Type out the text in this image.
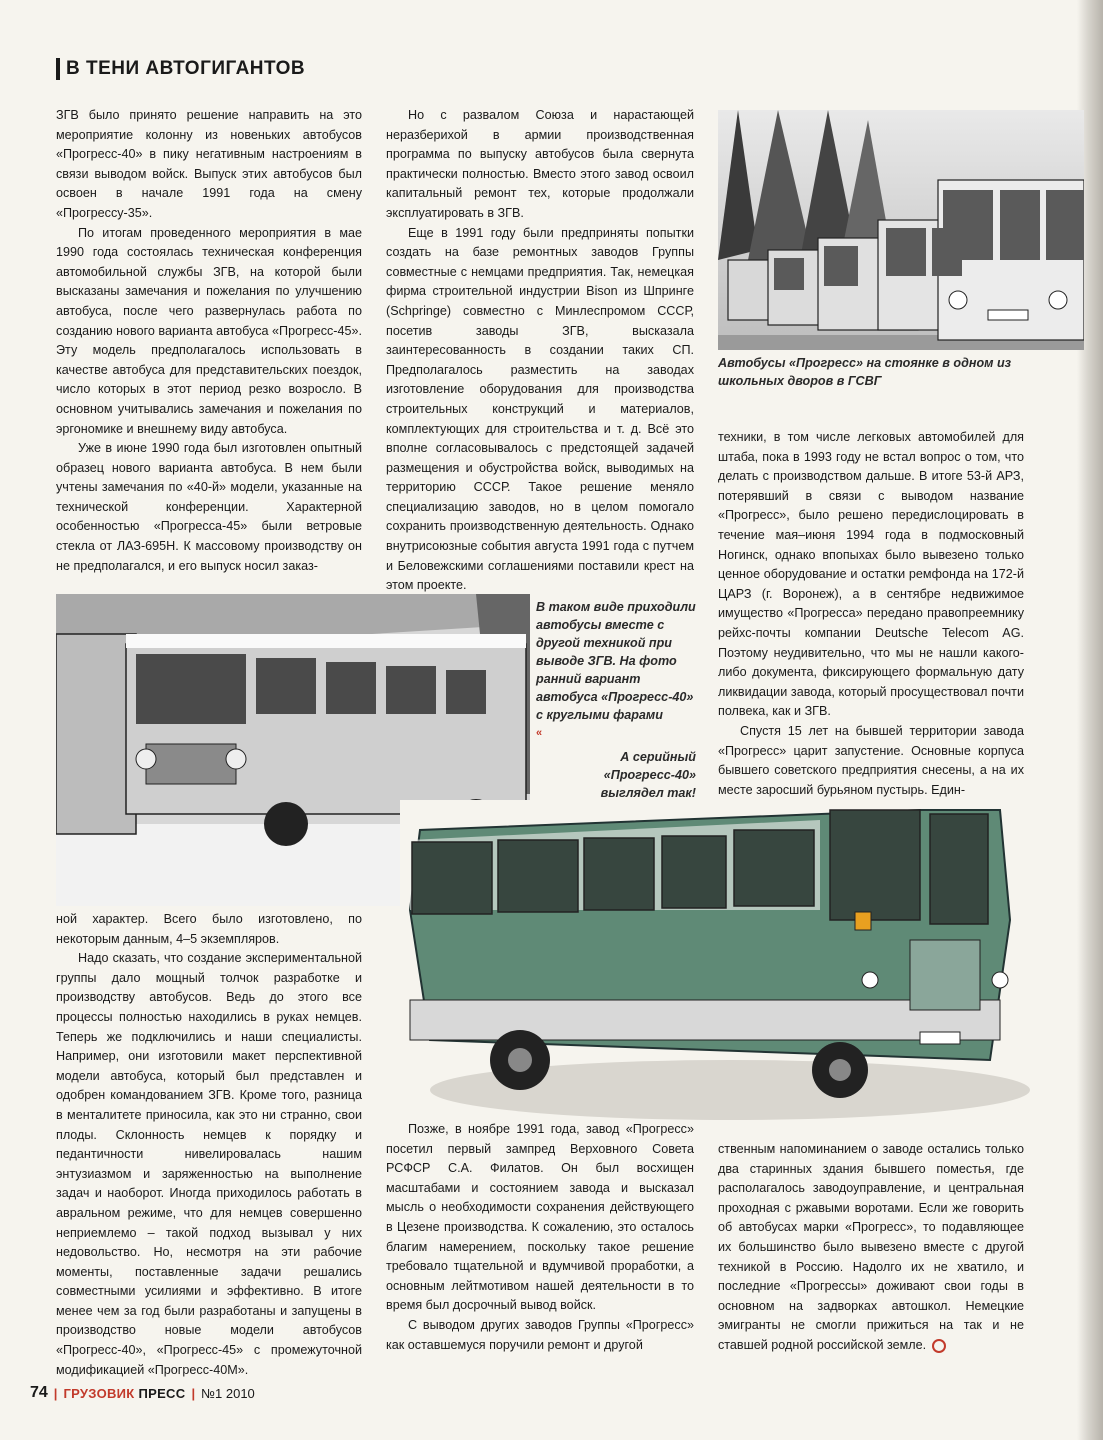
В ТЕНИ АВТОГИГАНТОВ

ЗГВ было принято решение направить на это мероприятие колонну из новеньких автобусов «Прогресс-40» в пику негативным настроениям в связи выводом войск. Выпуск этих автобусов был освоен в начале 1991 года на смену «Прогрессу-35».

По итогам проведенного мероприятия в мае 1990 года состоялась техническая конференция автомобильной службы ЗГВ, на которой были высказаны замечания и пожелания по улучшению автобуса, после чего развернулась работа по созданию нового варианта автобуса «Прогресс-45». Эту модель предполагалось использовать в качестве автобуса для представительских поездок, число которых в этот период резко возросло. В основном учитывались замечания и пожелания по эргономике и внешнему виду автобуса.

Уже в июне 1990 года был изготовлен опытный образец нового варианта автобуса. В нем были учтены замечания по «40-й» модели, указанные на технической конференции. Характерной особенностью «Прогресса-45» были ветровые стекла от ЛАЗ-695Н. К массовому производству он не предполагался, и его выпуск носил заказ-

Но с развалом Союза и нарастающей неразберихой в армии производственная программа по выпуску автобусов была свернута практически полностью. Вместо этого завод освоил капитальный ремонт тех, которые продолжали эксплуатировать в ЗГВ.

Еще в 1991 году были предприняты попытки создать на базе ремонтных заводов Группы совместные с немцами предприятия. Так, немецкая фирма строительной индустрии Bison из Шпринге (Schpringe) совместно с Минлеспромом СССР, посетив заводы ЗГВ, высказала заинтересованность в создании таких СП. Предполагалось разместить на заводах изготовление оборудования для производства строительных конструкций и материалов, комплектующих для строительства и т. д. Всё это вполне согласовывалось с предстоящей задачей размещения и обустройства войск, выводимых на территорию СССР. Такое решение меняло специализацию заводов, но в целом помогало сохранить производственную деятельность. Однако внутрисоюзные события августа 1991 года с путчем и Беловежскими соглашениями поставили крест на этом проекте.

Автобусы «Прогресс» на стоянке в одном из школьных дворов в ГСВГ

техники, в том числе легковых автомобилей для штаба, пока в 1993 году не встал вопрос о том, что делать с производством дальше. В итоге 53-й АРЗ, потерявший в связи с выводом название «Прогресс», было решено передислоцировать в течение мая–июня 1994 года в подмосковный Ногинск, однако впопыхах было вывезено только ценное оборудование и остатки ремфонда на 172-й ЦАРЗ (г. Воронеж), а в сентябре недвижимое имущество «Прогресса» передано правопреемнику рейхс-почты компании Deutsche Telecom AG. Поэтому неудивительно, что мы не нашли какого-либо документа, фиксирующего формальную дату ликвидации завода, который просуществовал почти полвека, как и ЗГВ.

Спустя 15 лет на бывшей территории завода «Прогресс» царит запустение. Основные корпуса бывшего советского предприятия снесены, а на их месте заросший бурьяном пустырь. Един-

В таком виде приходили автобусы вместе с другой техникой при выводе ЗГВ. На фото ранний вариант автобуса «Прогресс-40» с круглыми фарами
«
А серийный «Прогресс-40» выглядел так!

ной характер. Всего было изготовлено, по некоторым данным, 4–5 экземпляров.

Надо сказать, что создание экспериментальной группы дало мощный толчок разработке и производству автобусов. Ведь до этого все процессы полностью находились в руках немцев. Теперь же подключились и наши специалисты. Например, они изготовили макет перспективной модели автобуса, который был представлен и одобрен командованием ЗГВ. Кроме того, разница в менталитете приносила, как это ни странно, свои плоды. Склонность немцев к порядку и педантичности нивелировалась нашим энтузиазмом и заряженностью на выполнение задач и наоборот. Иногда приходилось работать в авральном режиме, что для немцев совершенно неприемлемо – такой подход вызывал у них недовольство. Но, несмотря на эти рабочие моменты, поставленные задачи решались совместными усилиями и эффективно. В итоге менее чем за год были разработаны и запущены в производство новые модели автобусов «Прогресс-40», «Прогресс-45» с промежуточной модификацией «Прогресс-40М».

Позже, в ноябре 1991 года, завод «Прогресс» посетил первый зампред Верховного Совета РСФСР С.А. Филатов. Он был восхищен масштабами и состоянием завода и высказал мысль о необходимости сохранения действующего в Цезене производства. К сожалению, это осталось благим намерением, поскольку такое решение требовало тщательной и вдумчивой проработки, а основным лейтмотивом нашей деятельности в то время был досрочный вывод войск.

С выводом других заводов Группы «Прогресс» как оставшемуся поручили ремонт и другой

ственным напоминанием о заводе остались только два старинных здания бывшего поместья, где располагалось заводоуправление, и центральная проходная с ржавыми воротами. Если же говорить об автобусах марки «Прогресс», то подавляющее их большинство было вывезено вместе с другой техникой в Россию. Надолго их не хватило, и последние «Прогрессы» доживают свои годы в основном на задворках автошкол. Немецкие эмигранты не смогли прижиться на так и не ставшей родной российской земле.

74 | ГРУЗОВИК ПРЕСС | №1 2010
